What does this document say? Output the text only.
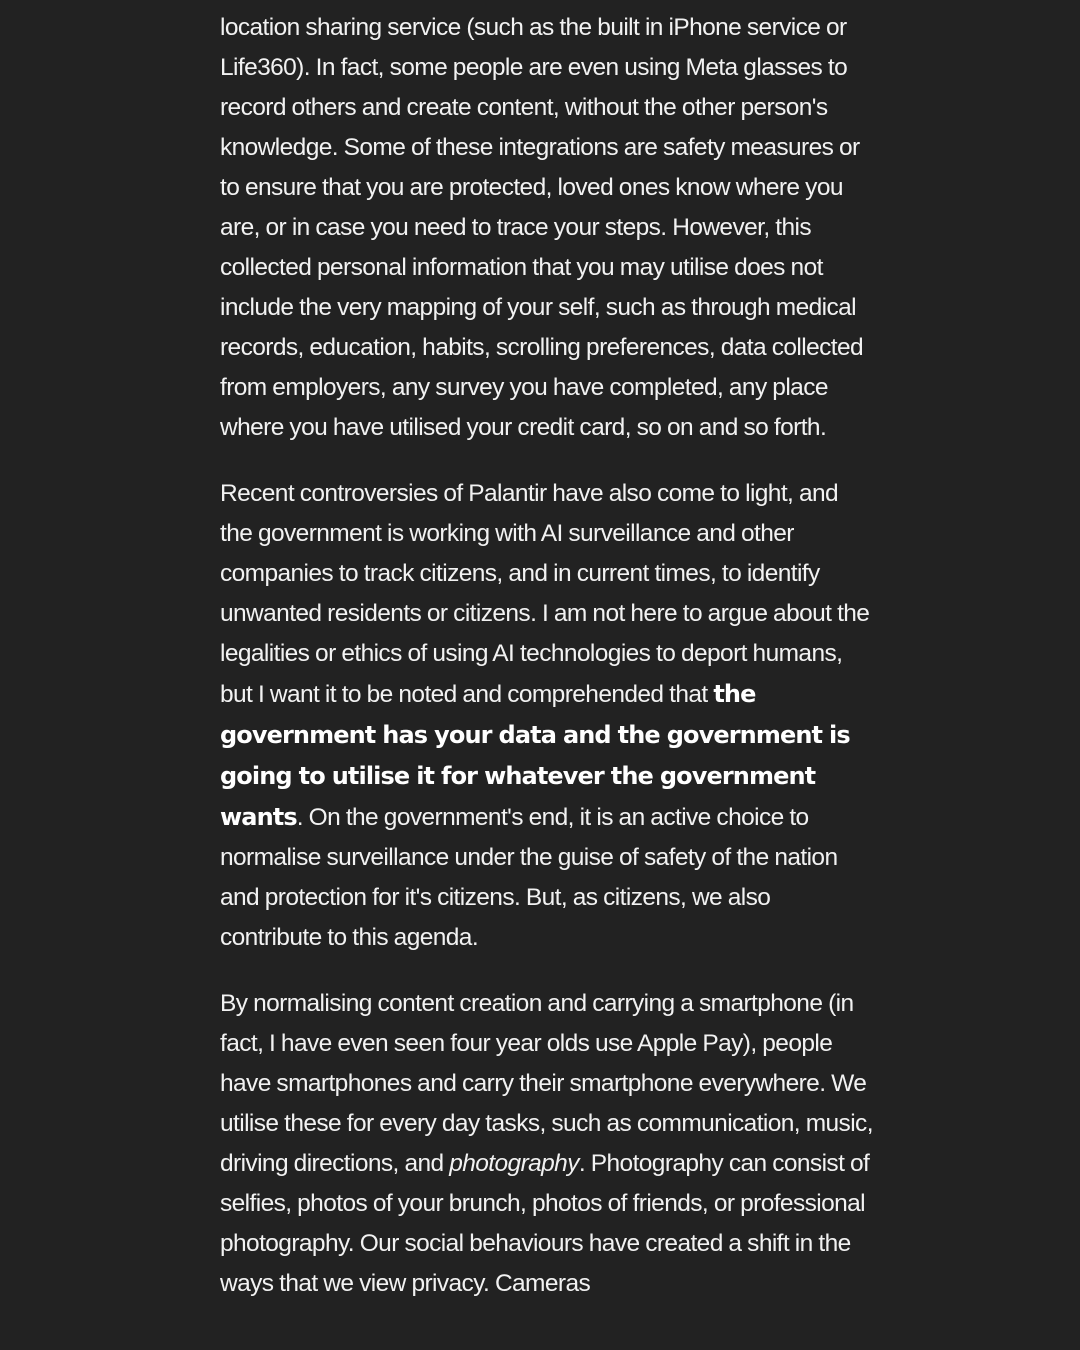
location sharing service (such as the built in iPhone service or Life360). In fact, some people are even using Meta glasses to record others and create content, without the other person's knowledge. Some of these integrations are safety measures or to ensure that you are protected, loved ones know where you are, or in case you need to trace your steps. However, this collected personal information that you may utilise does not include the very mapping of your self, such as through medical records, education, habits, scrolling preferences, data collected from employers, any survey you have completed, any place where you have utilised your credit card, so on and so forth.

Recent controversies of Palantir have also come to light, and the government is working with AI surveillance and other companies to track citizens, and in current times, to identify unwanted residents or citizens. I am not here to argue about the legalities or ethics of using AI technologies to deport humans, but I want it to be noted and comprehended that the government has your data and the government is going to utilise it for whatever the government wants. On the government's end, it is an active choice to normalise surveillance under the guise of safety of the nation and protection for it's citizens. But, as citizens, we also contribute to this agenda.

By normalising content creation and carrying a smartphone (in fact, I have even seen four year olds use Apple Pay), people have smartphones and carry their smartphone everywhere. We utilise these for every day tasks, such as communication, music, driving directions, and photography. Photography can consist of selfies, photos of your brunch, photos of friends, or professional photography. Our social behaviours have created a shift in the ways that we view privacy. Cameras
